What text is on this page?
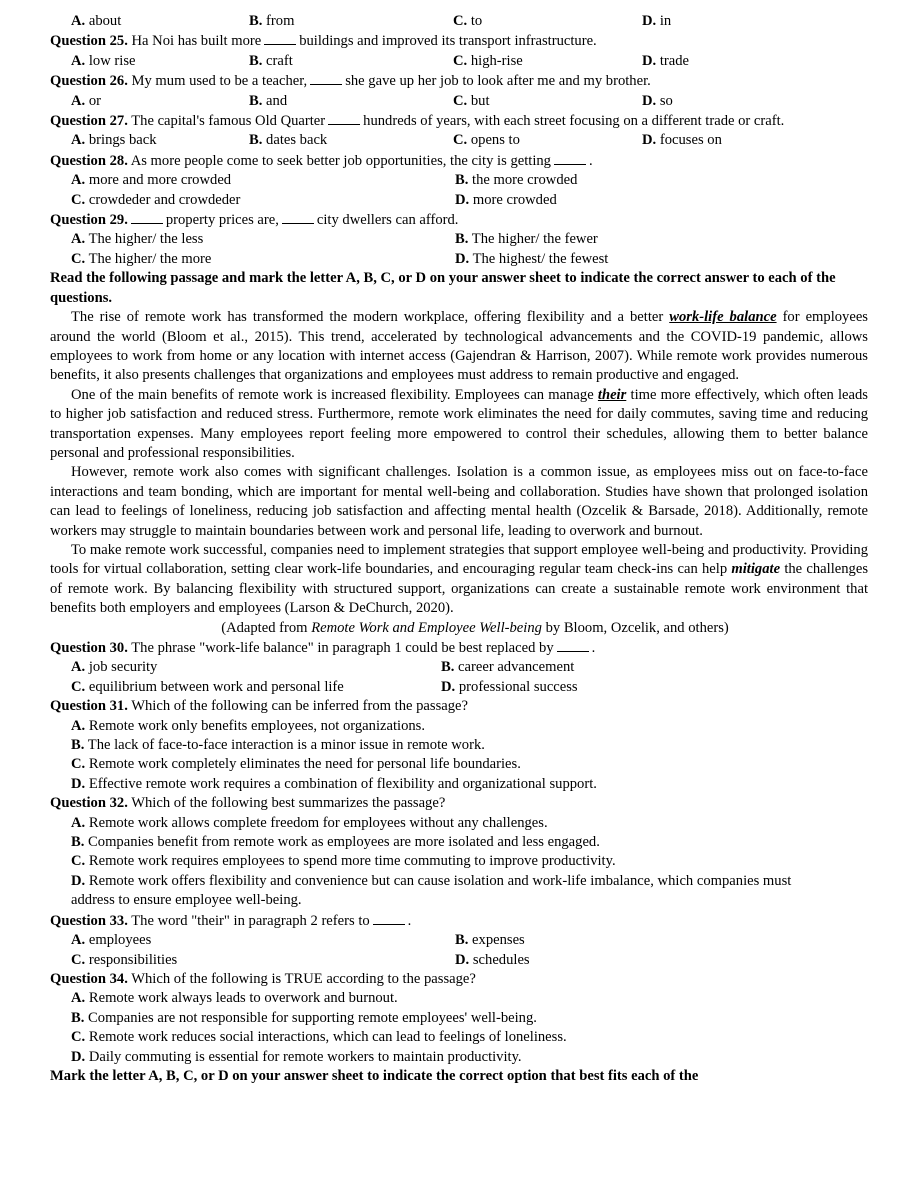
A. about	B. from	C. to	D. in
Question 25. Ha Noi has built more	buildings and improved its transport infrastructure.
A. low rise	B. craft	C. high-rise	D. trade
Question 26. My mum used to be a teacher,	she gave up her job to look after me and my brother.
A. or	B. and	C. but	D. so
Question 27. The capital's famous Old Quarter	hundreds of years, with each street focusing on a different trade or craft.
A. brings back	B. dates back	C. opens to	D. focuses on
Question 28. As more people come to seek better job opportunities, the city is getting	.
A. more and more crowded	B. the more crowded
C. crowdeder and crowdeder	D. more crowded
Question 29.	property prices are,	city dwellers can afford.
A. The higher/ the less	B. The higher/ the fewer
C. The higher/ the more	D. The highest/ the fewest
Read the following passage and mark the letter A, B, C, or D on your answer sheet to indicate the correct answer to each of the questions.

The rise of remote work has transformed the modern workplace, offering flexibility and a better work-life balance for employees around the world (Bloom et al., 2015). This trend, accelerated by technological advancements and the COVID-19 pandemic, allows employees to work from home or any location with internet access (Gajendran & Harrison, 2007). While remote work provides numerous benefits, it also presents challenges that organizations and employees must address to remain productive and engaged.

One of the main benefits of remote work is increased flexibility. Employees can manage their time more effectively, which often leads to higher job satisfaction and reduced stress. Furthermore, remote work eliminates the need for daily commutes, saving time and reducing transportation expenses. Many employees report feeling more empowered to control their schedules, allowing them to better balance personal and professional responsibilities.

However, remote work also comes with significant challenges. Isolation is a common issue, as employees miss out on face-to-face interactions and team bonding, which are important for mental well-being and collaboration. Studies have shown that prolonged isolation can lead to feelings of loneliness, reducing job satisfaction and affecting mental health (Ozcelik & Barsade, 2018). Additionally, remote workers may struggle to maintain boundaries between work and personal life, leading to overwork and burnout.

To make remote work successful, companies need to implement strategies that support employee well-being and productivity. Providing tools for virtual collaboration, setting clear work-life boundaries, and encouraging regular team check-ins can help mitigate the challenges of remote work. By balancing flexibility with structured support, organizations can create a sustainable remote work environment that benefits both employers and employees (Larson & DeChurch, 2020).

(Adapted from Remote Work and Employee Well-being by Bloom, Ozcelik, and others)
Question 30. The phrase "work-life balance" in paragraph 1 could be best replaced by	.
A. job security	B. career advancement
C. equilibrium between work and personal life	D. professional success
Question 31. Which of the following can be inferred from the passage?
A. Remote work only benefits employees, not organizations.
B. The lack of face-to-face interaction is a minor issue in remote work.
C. Remote work completely eliminates the need for personal life boundaries.
D. Effective remote work requires a combination of flexibility and organizational support.
Question 32. Which of the following best summarizes the passage?
A. Remote work allows complete freedom for employees without any challenges.
B. Companies benefit from remote work as employees are more isolated and less engaged.
C. Remote work requires employees to spend more time commuting to improve productivity.
D. Remote work offers flexibility and convenience but can cause isolation and work-life imbalance, which companies must address to ensure employee well-being.
Question 33. The word "their" in paragraph 2 refers to	.
A. employees	B. expenses
C. responsibilities	D. schedules
Question 34. Which of the following is TRUE according to the passage?
A. Remote work always leads to overwork and burnout.
B. Companies are not responsible for supporting remote employees' well-being.
C. Remote work reduces social interactions, which can lead to feelings of loneliness.
D. Daily commuting is essential for remote workers to maintain productivity.
Mark the letter A, B, C, or D on your answer sheet to indicate the correct option that best fits each of the
